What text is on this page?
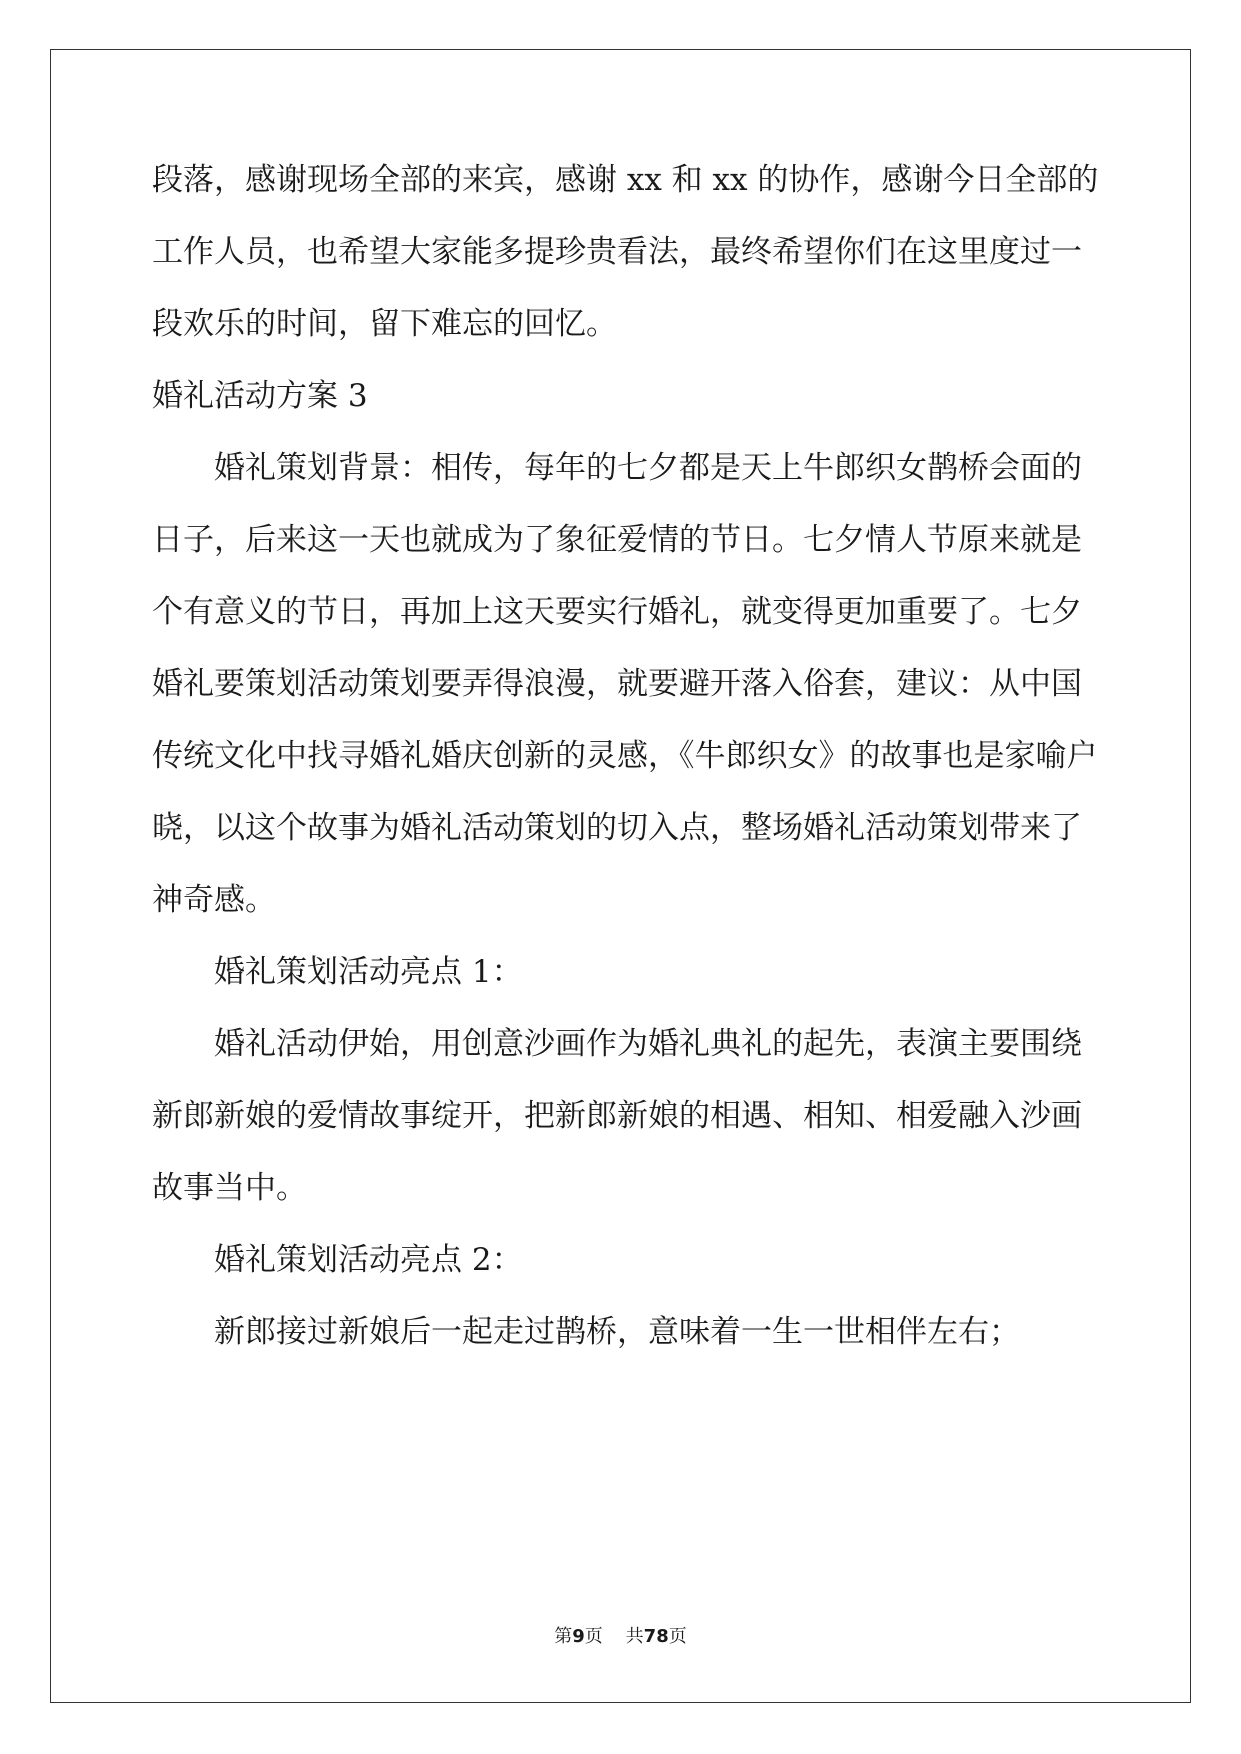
段落，感谢现场全部的来宾，感谢 xx 和 xx 的协作，感谢今日全部的
工作人员，也希望大家能多提珍贵看法，最终希望你们在这里度过一
段欢乐的时间，留下难忘的回忆。
婚礼活动方案 3
婚礼策划背景：相传，每年的七夕都是天上牛郎织女鹊桥会面的
日子，后来这一天也就成为了象征爱情的节日。七夕情人节原来就是
个有意义的节日，再加上这天要实行婚礼，就变得更加重要了。七夕
婚礼要策划活动策划要弄得浪漫，就要避开落入俗套，建议：从中国
传统文化中找寻婚礼婚庆创新的灵感，《牛郎织女》的故事也是家喻户
晓，以这个故事为婚礼活动策划的切入点，整场婚礼活动策划带来了
神奇感。
婚礼策划活动亮点 1：
婚礼活动伊始，用创意沙画作为婚礼典礼的起先，表演主要围绕
新郎新娘的爱情故事绽开，把新郎新娘的相遇、相知、相爱融入沙画
故事当中。
婚礼策划活动亮点 2：
新郎接过新娘后一起走过鹊桥，意味着一生一世相伴左右；
第9页 共78页
